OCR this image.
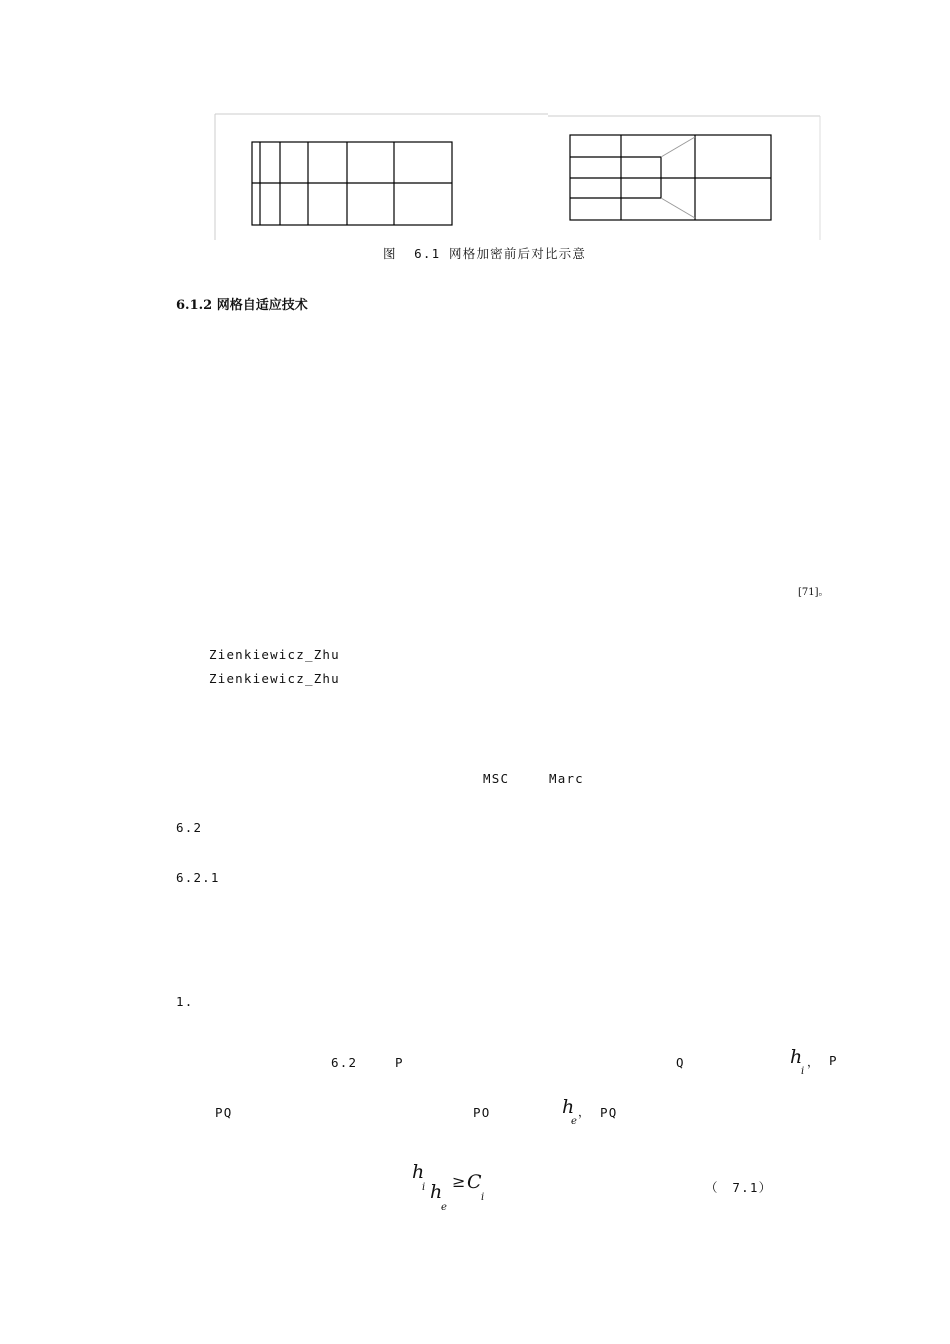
图  6.1 网格加密前后对比示意
6.1.2 网格自适应技术

[71]。

Zienkiewicz_Zhu　　　　　　　　　　　　　　　　　　　　　　　　
Zienkiewicz_Zhu　　　　　　　　　　　　　　　　　　　　　　　　　　　

MSC　　 Marc　　　　　　　　
6.2　　　　　　　　　　　　　　　　
6.2.1　　　　　　

1.　　　　

6.2　　 P　　　　　　　　　　　　　　　　　　 Q　　　　　　 h
i
， P

PQ　　　　　　　　　　　　　　　	PO　　　　 h
e
， PQ　　　　　　

h
i h
e
≥ C
i
（　7.1）
